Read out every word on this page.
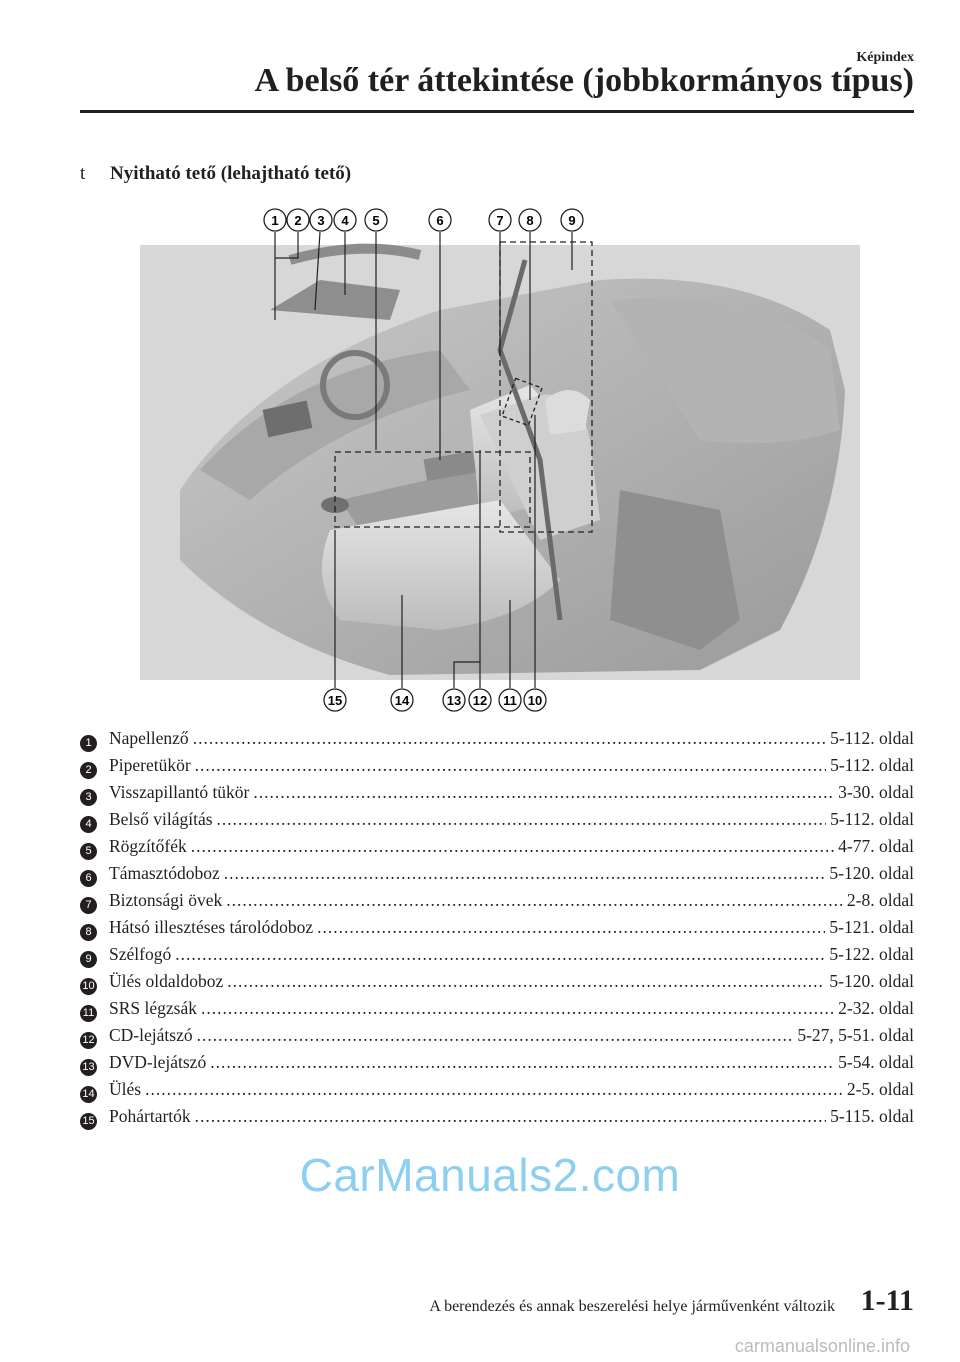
Képindex
A belső tér áttekintése (jobbkormányos típus)
t Nyitható tető (lehajtható tető)
1 2 3 4 5	6	7 8	9
15	14	13 12 11 10
1 Napellenző .....	5-112. oldal
2 Piperetükör .....	5-112. oldal
3 Visszapillantó tükör .....	3-30. oldal
4 Belső világítás .....	5-112. oldal
5 Rögzítőfék .....	4-77. oldal
6 Támasztódoboz .....	5-120. oldal
7 Biztonsági övek .....	2-8. oldal
8 Hátsó illesztéses tárolódoboz .....	5-121. oldal
9 Szélfogó .....	5-122. oldal
10 Ülés oldaldoboz .....	5-120. oldal
11 SRS légzsák .....	2-32. oldal
12 CD-lejátszó .....	5-27, 5-51. oldal
13 DVD-lejátszó .....	5-54. oldal
14 Ülés .....	2-5. oldal
15 Pohártartók .....	5-115. oldal
CarManuals2.com
A berendezés és annak beszerelési helye járművenként változik 1-11
carmanualsonline.info
